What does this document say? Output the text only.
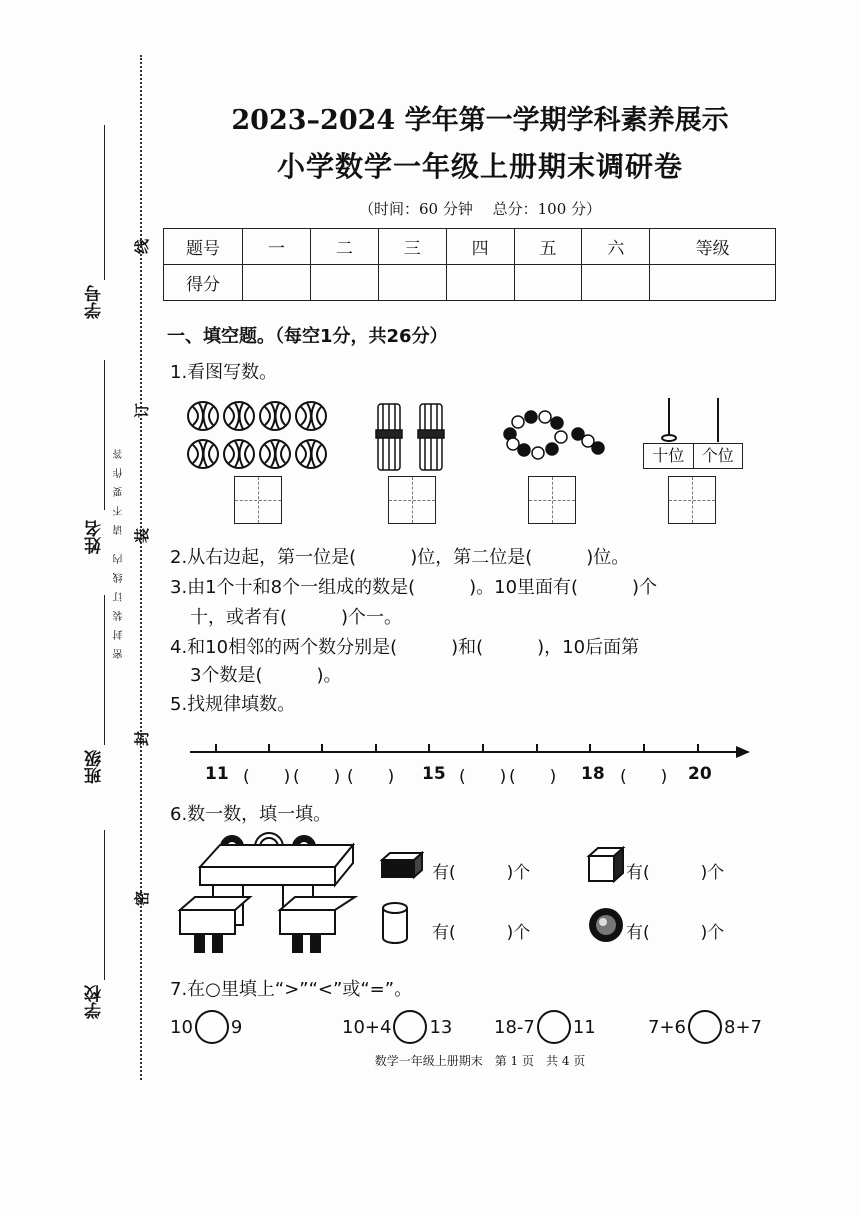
学号
姓名
班级
学校
线
订
装
封
密
请不要作答
密封装订线内
2023–2024 学年第一学期学科素养展示
小学数学一年级上册期末调研卷
（时间：60 分钟　 总分：100 分）
题号	一	二	三	四	五	六	等级
得分							
一、填空题。（每空1分，共26分）
1.看图写数。
十位	个位
2.从右边起，第一位是(　　　)位，第二位是(　　　)位。
3.由1个十和8个一组成的数是(　　　)。10里面有(　　　)个
十，或者有(　　　)个一。
4.和10相邻的两个数分别是(　　　)和(　　　)，10后面第
3个数是(　　　)。
5.找规律填数。
11 (　　) (　　) (　　) 15 (　　) (　　) 18 (　　) 20
6.数一数，填一填。
有(　　　)个	有(　　　)个
有(　　　)个	有(　　　)个
7.在○里填上“>”“<”或“=”。
10 9	10+4 13 18-7 11	7+6 8+7
数学一年级上册期末　第 1 页　共 4 页
